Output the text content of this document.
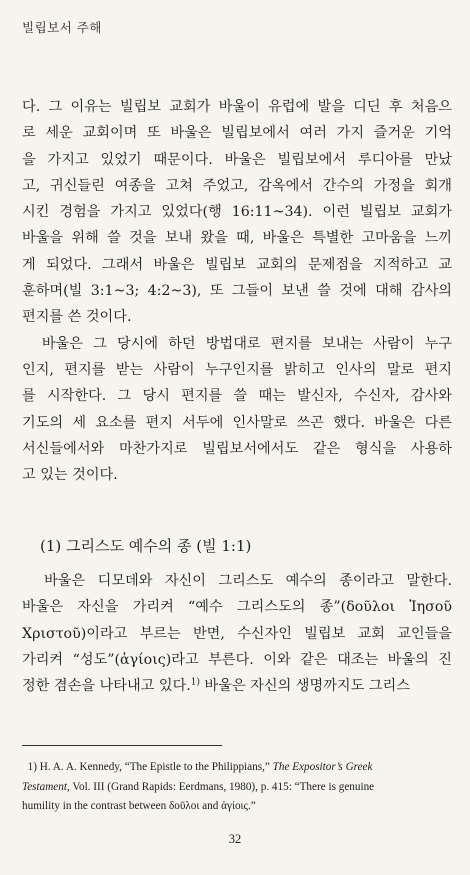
빌립보서 주해
다. 그 이유는 빌립보 교회가 바울이 유럽에 발을 디딘 후 처음으
로 세운 교회이며 또 바울은 빌립보에서 여러 가지 즐거운 기억
을 가지고 있었기 때문이다. 바울은 빌립보에서 루디아를 만났
고, 귀신들린 여종을 고쳐 주었고, 감옥에서 간수의 가정을 회개
시킨 경험을 가지고 있었다(행 16:11~34). 이런 빌립보 교회가
바울을 위해 쓸 것을 보내 왔을 때, 바울은 특별한 고마움을 느끼
게 되었다. 그래서 바울은 빌립보 교회의 문제점을 지적하고 교
훈하며(빌 3:1~3; 4:2~3), 또 그들이 보낸 쓸 것에 대해 감사의
편지를 쓴 것이다.
　바울은 그 당시에 하던 방법대로 편지를 보내는 사람이 누구
인지, 편지를 받는 사람이 누구인지를 밝히고 인사의 말로 편지
를 시작한다. 그 당시 편지를 쓸 때는 발신자, 수신자, 감사와
기도의 세 요소를 편지 서두에 인사말로 쓰곤 했다. 바울은 다른
서신들에서와 마찬가지로 빌립보서에서도 같은 형식을 사용하
고 있는 것이다.
(1) 그리스도 예수의 종 (빌 1:1)
　바울은 디모데와 자신이 그리스도 예수의 종이라고 말한다.
바울은 자신을 가리켜 “예수 그리스도의 종”(δοῦλοι Ἰησοῦ
Χριστοῦ)이라고 부르는 반면, 수신자인 빌립보 교회 교인들을
가리켜 “성도”(ἁγίοις)라고 부른다. 이와 같은 대조는 바울의 진
정한 겸손을 나타내고 있다.$^{1)}$ 바울은 자신의 생명까지도 그리스
1) H. A. A. Kennedy, “The Epistle to the Philippians,” The Expositor’s Greek
Testament, Vol. III (Grand Rapids: Eerdmans, 1980), p. 415: “There is genuine
humility in the contrast between δοῦλοι and ἁγίοις.”
32
